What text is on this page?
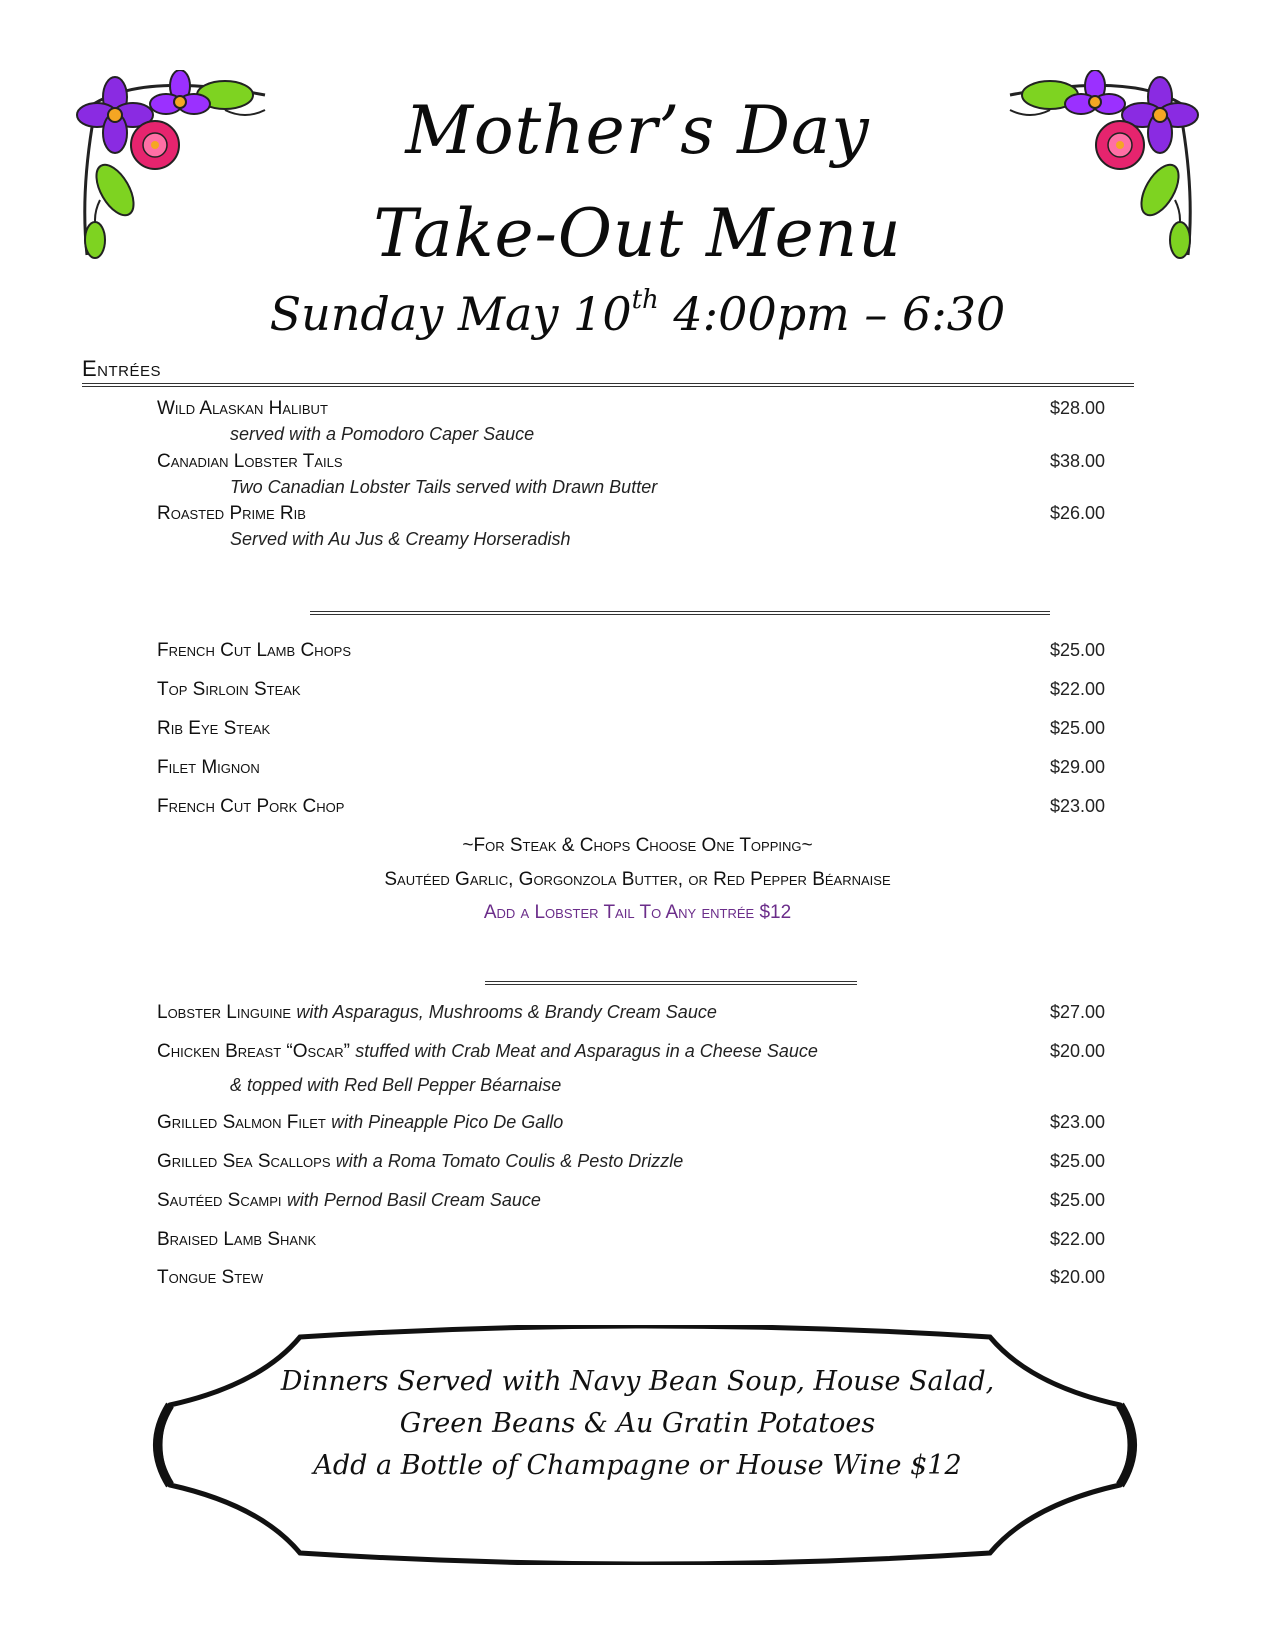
Mother’s Day
Take-Out Menu
Sunday May 10th 4:00pm – 6:30
Entrées
Wild Alaskan Halibut	$28.00
served with a Pomodoro Caper Sauce
Canadian Lobster Tails	$38.00
Two Canadian Lobster Tails served with Drawn Butter
Roasted Prime Rib	$26.00
Served with Au Jus & Creamy Horseradish
French Cut Lamb Chops	$25.00
Top Sirloin Steak	$22.00
Rib Eye Steak	$25.00
Filet Mignon	$29.00
French Cut Pork Chop	$23.00
~For Steak & Chops Choose One Topping~
Sautéed Garlic, Gorgonzola Butter, or Red Pepper Béarnaise
Add a Lobster Tail To Any entrée $12
Lobster Linguine with Asparagus, Mushrooms & Brandy Cream Sauce	$27.00
Chicken Breast “Oscar” stuffed with Crab Meat and Asparagus in a Cheese Sauce	$20.00
& topped with Red Bell Pepper Béarnaise
Grilled Salmon Filet with Pineapple Pico De Gallo	$23.00
Grilled Sea Scallops with a Roma Tomato Coulis & Pesto Drizzle	$25.00
Sautéed Scampi with Pernod Basil Cream Sauce	$25.00
Braised Lamb Shank	$22.00
Tongue Stew	$20.00
Dinners Served with Navy Bean Soup, House Salad,
Green Beans & Au Gratin Potatoes
Add a Bottle of Champagne or House Wine $12
